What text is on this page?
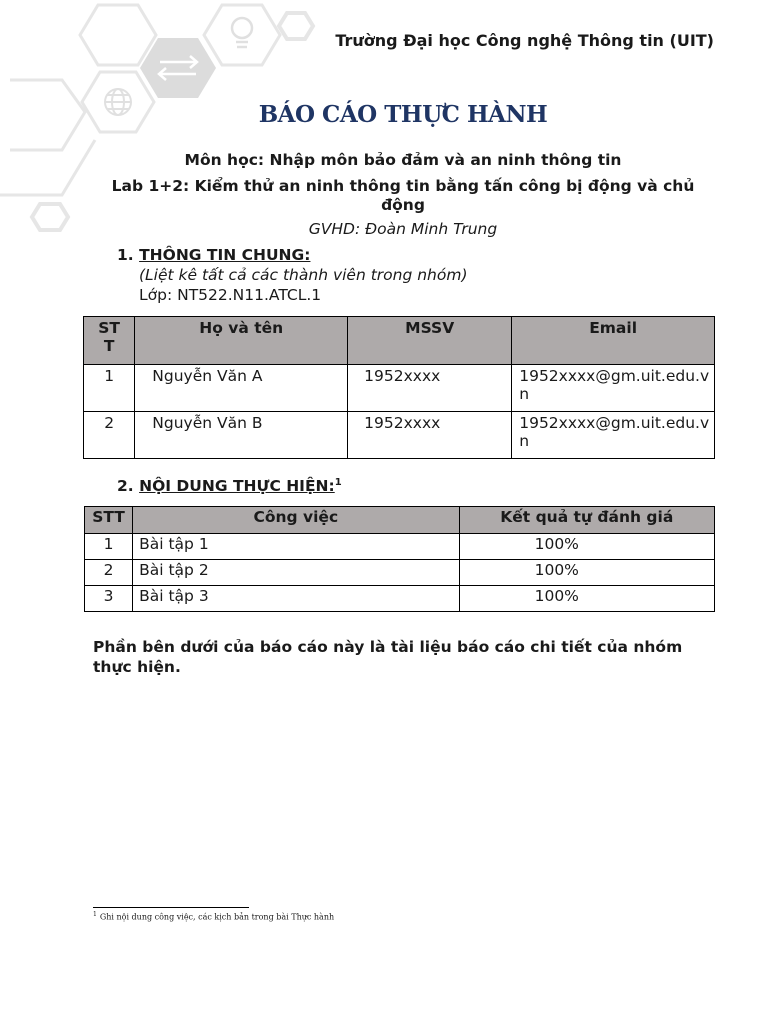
Trường Đại học Công nghệ Thông tin (UIT)
BÁO CÁO THỰC HÀNH
Môn học: Nhập môn bảo đảm và an ninh thông tin
Lab 1+2: Kiểm thử an ninh thông tin bằng tấn công bị động và chủ động
GVHD: Đoàn Minh Trung
1. THÔNG TIN CHUNG:
(Liệt kê tất cả các thành viên trong nhóm)
Lớp: NT522.N11.ATCL.1
STT	Họ và tên	MSSV	Email
1	Nguyễn Văn A	1952xxxx	1952xxxx@gm.uit.edu.vn
2	Nguyễn Văn B	1952xxxx	1952xxxx@gm.uit.edu.vn
2. NỘI DUNG THỰC HIỆN:$^1$
STT	Công việc	Kết quả tự đánh giá
1	Bài tập 1	100%
2	Bài tập 2	100%
3	Bài tập 3	100%
Phần bên dưới của báo cáo này là tài liệu báo cáo chi tiết của nhóm thực hiện.
$^1$ Ghi nội dung công việc, các kịch bản trong bài Thực hành
